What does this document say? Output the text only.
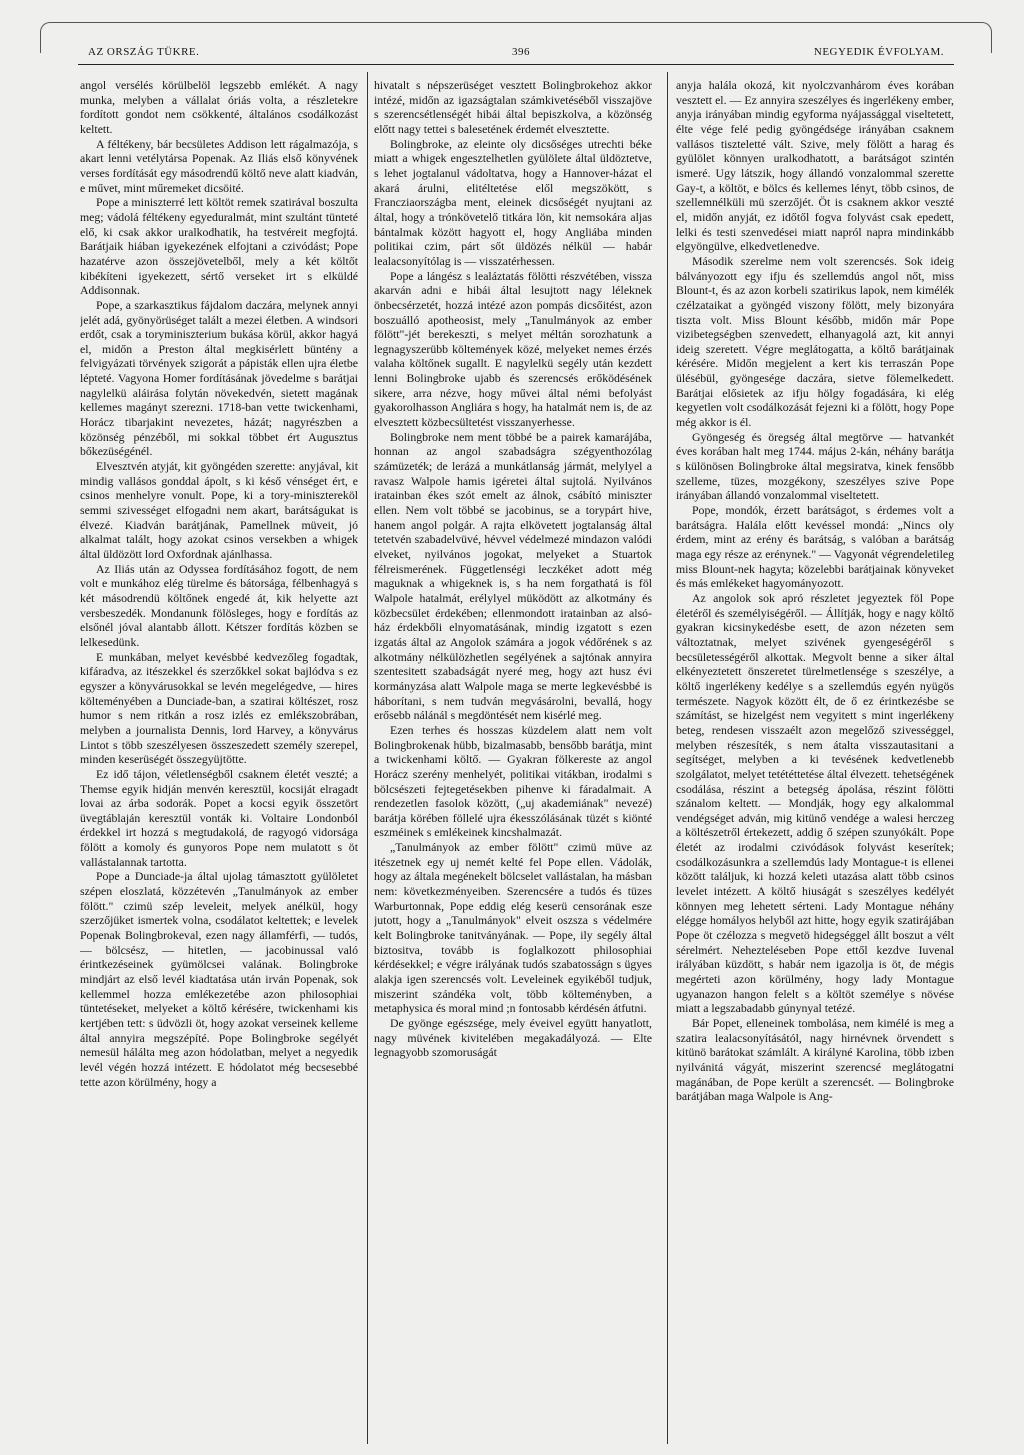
AZ ORSZÁG TÜKRE.	396	NEGYEDIK ÉVFOLYAM.

angol versélés körülbelöl legszebb emlékét. A nagy munka, melyben a vállalat óriás volta, a részletekre fordított gondot nem csökkenté, általános csodálkozást keltett.

A féltékeny, bár becsületes Addison lett rágalmazója, s akart lenni vetélytársa Popenak. Az Iliás első könyvének verses fordítását egy másodrendű költő neve alatt kiadván, e művet, mint műremeket dicsöité.

Pope a miniszterré lett költöt remek szatirával boszulta meg; vádolá féltékeny egyeduralmát, mint szultánt tünteté elő, ki csak akkor uralkodhatik, ha testvéreit megfojtá. Barátjaik hiában igyekezének elfojtani a czivódást; Pope hazatérve azon összejövetelből, mely a két költőt kibékíteni igyekezett, sértő verseket irt s elküldé Addisonnak.

Pope, a szarkasztikus fájdalom daczára, melynek annyi jelét adá, gyönyörüséget talált a mezei életben. A windsori erdőt, csak a toryminiszterium bukása körül, akkor hagyá el, midőn a Preston által megkisérlett büntény a felvigyázati törvények szigorát a pápisták ellen ujra életbe lépteté. Vagyona Homer fordításának jövedelme s barátjai nagylelkü aláirása folytán növekedvén, sietett magának kellemes magányt szerezni. 1718-ban vette twickenhami, Horácz tibarjakint nevezetes, házát; nagyrészben a közönség pénzéből, mi sokkal többet ért Augusztus bőkezüségénél.

Elvesztvén atyját, kit gyöngéden szerette: anyjával, kit mindig vallásos gonddal ápolt, s ki késő vénséget ért, e csinos menhelyre vonult. Pope, ki a tory-minisztereköl semmi szivességet elfogadni nem akart, barátságukat is élvezé. Kiadván barátjának, Pamellnek müveit, jó alkalmat talált, hogy azokat csinos versekben a whigek által üldözött lord Oxfordnak ajánlhassa.

Az Iliás után az Odyssea fordításához fogott, de nem volt e munkához elég türelme és bátorsága, félbenhagyá s két másodrendü költőnek engedé át, kik helyette azt versbeszedék. Mondanunk fölösleges, hogy e fordítás az elsőnél jóval alantabb állott. Kétszer fordítás közben se lelkesedünk.

E munkában, melyet kevésbbé kedvezőleg fogadtak, kifáradva, az itészekkel és szerzőkkel sokat bajlódva s ez egyszer a könyvárusokkal se levén megelégedve, — hires költeményében a Dunciade-ban, a szatirai költészet, rosz humor s nem ritkán a rosz izlés ez emlékszobrában, melyben a journalista Dennis, lord Harvey, a könyvárus Lintot s több szeszélyesen összeszedett személy szerepel, minden keserüségét összegyüjtötte.

Ez idő tájon, véletlenségből csaknem életét veszté; a Themse egyik hidján menvén keresztül, kocsiját elragadt lovai az árba sodorák. Popet a kocsi egyik összetört üvegtáblaján keresztül vonták ki. Voltaire Londonból érdekkel irt hozzá s megtudakolá, de ragyogó vidorsága fölött a komoly és gunyoros Pope nem mulatott s öt vallástalannak tartotta.

Pope a Dunciade-ja által ujolag támasztott gyülöletet szépen eloszlatá, közzétevén „Tanulmányok az ember fölött." czimü szép leveleit, melyek anélkül, hogy szerzőjüket ismertek volna, csodálatot keltettek; e levelek Popenak Bolingbrokeval, ezen nagy államférfi, — tudós, — bölcsész, — hitetlen, — jacobinussal való érintkezéseinek gyümölcsei valának. Bolingbroke mindjárt az első levél kiadtatása után irván Popenak, sok kellemmel hozza emlékezetébe azon philosophiai tüntetéseket, melyeket a költő kérésére, twickenhami kis kertjében tett: s üdvözli öt, hogy azokat verseinek kelleme által annyira megszépíté. Pope Bolingbroke segélyét nemesül hálálta meg azon hódolatban, melyet a negyedik levél végén hozzá intézett. E hódolatot még becsesebbé tette azon körülmény, hogy a

hivatalt s népszerüséget vesztett Bolingbrokehoz akkor intézé, midőn az igazságtalan számkivetéséből visszajöve s szerencsétlenségét hibái által bepiszkolva, a közönség előtt nagy tettei s balesetének érdemét elvesztette.

Bolingbroke, az eleinte oly dicsőséges utrechti béke miatt a whigek engesztelhetlen gyülölete által üldöztetve, s lehet jogtalanul vádoltatva, hogy a Hannover-házat el akará árulni, elitéltetése elől megszökött, s Francziaországba ment, eleinek dicsőségét nyujtani az által, hogy a trónkövetelő titkára lön, kit nemsokára aljas bántalmak között hagyott el, hogy Angliába minden politikai czim, párt sőt üldözés nélkül — habár lealacsonyítólag is — visszatérhessen.

Pope a lángész s lealáztatás fölötti részvétében, vissza akarván adni e hibái által lesujtott nagy léleknek önbecsérzetét, hozzá intézé azon pompás dicsőitést, azon boszuálló apotheosist, mely „Tanulmányok az ember fölött"-jét berekeszti, s melyet méltán sorozhatunk a legnagyszerübb költemények közé, melyeket nemes érzés valaha költőnek sugallt. E nagylelkü segély után kezdett lenni Bolingbroke ujabb és szerencsés erőködésének sikere, arra nézve, hogy művei által némi befolyást gyakorolhasson Angliára s hogy, ha hatalmát nem is, de az elvesztett közbecsültetést visszanyerhesse.

Bolingbroke nem ment többé be a pairek kamarájába, honnan az angol szabadságra szégyenthozólag számüzeték; de lerázá a munkátlanság jármát, melylyel a ravasz Walpole hamis igéretei által sujtolá. Nyilvános iratainban ékes szót emelt az álnok, csábító miniszter ellen. Nem volt többé se jacobinus, se a torypárt hive, hanem angol polgár. A rajta elkövetett jogtalanság által tetetvén szabadelvüvé, hévvel védelmezé mindazon valódi elveket, nyilvános jogokat, melyeket a Stuartok félreismerének. Függetlenségi leczkéket adott még maguknak a whigeknek is, s ha nem forgathatá is föl Walpole hatalmát, erélylyel müködött az alkotmány és közbecsület érdekében; ellenmondott iratainban az alsó-ház érdekbőli elnyomatásának, mindig izgatott s ezen izgatás által az Angolok számára a jogok védőrének s az alkotmány nélkülözhetlen segélyének a sajtónak annyira szentesitett szabadságát nyeré meg, hogy azt husz évi kormányzása alatt Walpole maga se merte legkevésbbé is háborítani, s nem tudván megvásárolni, bevallá, hogy erősebb nálánál s megdöntését nem kisérlé meg.

Ezen terhes és hosszas küzdelem alatt nem volt Bolingbrokenak hübb, bizalmasabb, bensőbb barátja, mint a twickenhami költő. — Gyakran fölkereste az angol Horácz szerény menhelyét, politikai vitákban, irodalmi s bölcsészeti fejtegetésekben pihenve ki fáradalmait. A rendezetlen fasolok között, („uj akademiának" nevezé) barátja körében föllelé ujra ékesszólásának tüzét s kiönté eszméinek s emlékeinek kincshalmazát.

„Tanulmányok az ember fölött" czimü müve az itészetnek egy uj nemét kelté fel Pope ellen. Vádolák, hogy az általa megénekelt bölcselet vallástalan, ha másban nem: következményeiben. Szerencsére a tudós és tüzes Warburtonnak, Pope eddig elég keserü censorának esze jutott, hogy a „Tanulmányok" elveit oszsza s védelmére kelt Bolingbroke tanitványának. — Pope, ily segély által biztositva, tovább is foglalkozott philosophiai kérdésekkel; e végre irályának tudós szabatosságn s ügyes alakja igen szerencsés volt. Leveleinek egyikéből tudjuk, miszerint szándéka volt, több költeményben, a metaphysica és moral mind ;n fontosabb kérdésén átfutni.

De gyönge egészsége, mely éveivel együtt hanyatlott, nagy müvének kivitelében megakadályozá. — Elte legnagyobb szomoruságát

anyja halála okozá, kit nyolczvanhárom éves korában vesztett el. — Ez annyira szeszélyes és ingerlékeny ember, anyja irányában mindig egyforma nyájassággal viseltetett, élte vége felé pedig gyöngédsége irányában csaknem vallásos tiszteletté vált. Szive, mely fölött a harag és gyülölet könnyen uralkodhatott, a barátságot szintén ismeré. Ugy látszik, hogy állandó vonzalommal szerette Gay-t, a költöt, e bölcs és kellemes lényt, több csinos, de szellemnélküli mü szerzőjét. Öt is csaknem akkor veszté el, midőn anyját, ez időtől fogva folyvást csak epedett, lelki és testi szenvedései miatt napról napra mindinkább elgyöngülve, elkedvetlenedve.

Második szerelme nem volt szerencsés. Sok ideig bálványozott egy ifju és szellemdús angol nőt, miss Blount-t, és az azon korbeli szatirikus lapok, nem kimélék czélzataikat a gyöngéd viszony fölött, mely bizonyára tiszta volt. Miss Blount később, midőn már Pope vizibetegségben szenvedett, elhanyagolá azt, kit annyi ideig szeretett. Végre meglátogatta, a költő barátjainak kérésére. Midőn megjelent a kert kis terraszán Pope ülésébül, gyöngesége daczára, sietve fölemelkedett. Barátjai elősietek az ifju hölgy fogadására, ki elég kegyetlen volt csodálkozását fejezni ki a fölött, hogy Pope még akkor is él.

Gyöngeség és öregség által megtörve — hatvankét éves korában halt meg 1744. május 2-kán, néhány barátja s különösen Bolingbroke által megsiratva, kinek fensőbb szelleme, tüzes, mozgékony, szeszélyes szive Pope irányában állandó vonzalommal viseltetett.

Pope, mondók, érzett barátságot, s érdemes volt a barátságra. Halála előtt kevéssel mondá: „Nincs oly érdem, mint az erény és barátság, s valóban a barátság maga egy része az erénynek." — Vagyonát végrendeletileg miss Blount-nek hagyta; közelebbi barátjainak könyveket és más emlékeket hagyományozott.

Az angolok sok apró részletet jegyeztek föl Pope életéről és személyiségéről. — Állítják, hogy e nagy költő gyakran kicsinykedésbe esett, de azon nézeten sem változtatnak, melyet szivének gyengeségéről s becsületességéről alkottak. Megvolt benne a siker által elkényeztetett önszeretet türelmetlensége s szeszélye, a költő ingerlékeny kedélye s a szellemdús egyén nyügös természete. Nagyok között élt, de ő ez érintkezésbe se számítást, se hizelgést nem vegyitett s mint ingerlékeny beteg, rendesen visszaélt azon megelőző szivességgel, melyben részesíték, s nem átalta visszautasitani a segítséget, melyben a ki tevésének kedvetlenebb szolgálatot, melyet tetététtetése által élvezett. tehetségének csodálása, részint a betegség ápolása, részint fölötti szánalom keltett. — Mondják, hogy egy alkalommal vendégséget adván, mig kitünő vendége a walesi herczeg a költészetről értekezett, addig ő szépen szunyókált. Pope életét az irodalmi czivódások folyvást keserítek; csodálkozásunkra a szellemdús lady Montague-t is ellenei között találjuk, ki hozzá keleti utazása alatt több csinos levelet intézett. A költő hiuságát s szeszélyes kedélyét könnyen meg lehetett sérteni. Lady Montague néhány elégge homályos helyből azt hitte, hogy egyik szatirájában Pope öt czélozza s megvetö hidegséggel állt boszut a vélt sérelmért. Nehezteléseben Pope ettől kezdve Iuvenal irályában küzdött, s habár nem igazolja is öt, de mégis megérteti azon körülmény, hogy lady Montague ugyanazon hangon felelt s a költöt személye s növése miatt a legszabadabb gúnynyal tetézé.

Bár Popet, elleneinek tombolása, nem kimélé is meg a szatira lealacsonyításától, nagy hirnévnek örvendett s kitünö barátokat számlált. A királyné Karolina, több izben nyilvánitá vágyát, miszerint szerencsé meglátogatni magánában, de Pope került a szerencsét. — Bolingbroke barátjában maga Walpole is Ang-
